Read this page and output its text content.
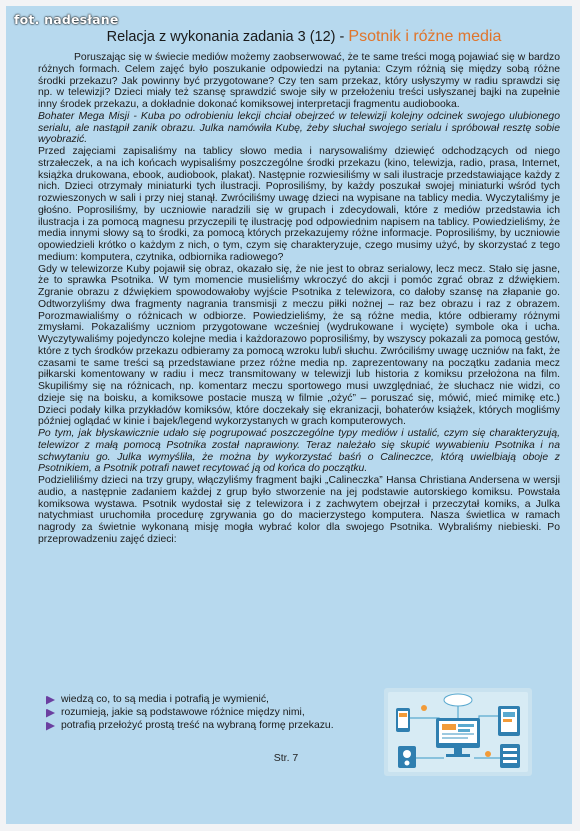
fot. nadesłane
Relacja z wykonania zadania 3 (12) - Psotnik i różne media

Poruszając się w świecie mediów możemy zaobserwować, że te same treści mogą pojawiać się w bardzo różnych formach. Celem zajęć było poszukanie odpowiedzi na pytania: Czym różnią się między sobą różne środki przekazu? Jak powinny być przygotowane? Czy ten sam przekaz, który usłyszymy w radiu sprawdzi się np. w telewizji? Dzieci miały też szansę sprawdzić swoje siły w przełożeniu treści usłyszanej bajki na zupełnie inny środek przekazu, a dokładnie dokonać komiksowej interpretacji fragmentu audiobooka.

Bohater Mega Misji - Kuba po odrobieniu lekcji chciał obejrzeć w telewizji kolejny odcinek swojego ulubionego serialu, ale nastąpił zanik obrazu. Julka namówiła Kubę, żeby słuchał swojego serialu i spróbował resztę sobie wyobrazić.

Przed zajęciami zapisaliśmy na tablicy słowo media i narysowaliśmy dziewięć odchodzących od niego strzałeczek, a na ich końcach wypisaliśmy poszczególne środki przekazu (kino, telewizja, radio, prasa, Internet, książka drukowana, ebook, audiobook, plakat). Następnie rozwiesiliśmy w sali ilustracje przedstawiające każdy z nich. Dzieci otrzymały miniaturki tych ilustracji. Poprosiliśmy, by każdy poszukał swojej miniaturki wśród tych rozwieszonych w sali i przy niej stanął. Zwróciliśmy uwagę dzieci na wypisane na tablicy media. Wyczytaliśmy je głośno. Poprosiliśmy, by uczniowie naradzili się w grupach i zdecydowali, które z mediów przedstawia ich ilustracja i za pomocą magnesu przyczepili tę ilustrację pod odpowiednim napisem na tablicy. Powiedzieliśmy, że media innymi słowy są to środki, za pomocą których przekazujemy różne informacje. Poprosiliśmy, by uczniowie opowiedzieli krótko o każdym z nich, o tym, czym się charakteryzuje, czego musimy użyć, by skorzystać z tego medium: komputera, czytnika, odbiornika radiowego?

Gdy w telewizorze Kuby pojawił się obraz, okazało się, że nie jest to obraz serialowy, lecz mecz. Stało się jasne, że to sprawka Psotnika. W tym momencie musieliśmy wkroczyć do akcji i pomóc zgrać obraz z dźwiękiem. Zgranie obrazu z dźwiękiem spowodowałoby wyjście Psotnika z telewizora, co dałoby szansę na złapanie go. Odtworzyliśmy dwa fragmenty nagrania transmisji z meczu piłki nożnej – raz bez obrazu i raz z obrazem. Porozmawialiśmy o różnicach w odbiorze. Powiedzieliśmy, że są różne media, które odbieramy różnymi zmysłami. Pokazaliśmy uczniom przygotowane wcześniej (wydrukowane i wycięte) symbole oka i ucha. Wyczytywaliśmy pojedynczo kolejne media i każdorazowo poprosiliśmy, by wszyscy pokazali za pomocą gestów, które z tych środków przekazu odbieramy za pomocą wzroku lub/i słuchu. Zwróciliśmy uwagę uczniów na fakt, że czasami te same treści są przedstawiane przez różne media np. zaprezentowany na początku zadania mecz piłkarski komentowany w radiu i mecz transmitowany w telewizji lub historia z komiksu przełożona na film. Skupiliśmy się na różnicach, np. komentarz meczu sportowego musi uwzględniać, że słuchacz nie widzi, co dzieje się na boisku, a komiksowe postacie muszą w filmie „ożyć” – poruszać się, mówić, mieć mimikę etc.) Dzieci podały kilka przykładów komiksów, które doczekały się ekranizacji, bohaterów książek, których mogliśmy później oglądać w kinie i bajek/legend wykorzystanych w grach komputerowych.

Po tym, jak błyskawicznie udało się pogrupować poszczególne typy mediów i ustalić, czym się charakteryzują, telewizor z małą pomocą Psotnika został naprawiony. Teraz należało się skupić wywabieniu Psotnika i na schwytaniu go. Julka wymyśliła, że można by wykorzystać baśń o Calineczce, którą uwielbiają oboje z Psotnikiem, a Psotnik potrafi nawet recytować ją od końca do początku.

Podzieliliśmy dzieci na trzy grupy, włączyliśmy fragment bajki „Calineczka” Hansa Christiana Andersena w wersji audio, a następnie zadaniem każdej z grup było stworzenie na jej podstawie autorskiego komiksu. Powstała komiksowa wystawa. Psotnik wydostał się z telewizora i z zachwytem obejrzał i przeczytał komiks, a Julka natychmiast uruchomiła procedurę zgrywania go do macierzystego komputera. Nasza świetlica w ramach nagrody za świetnie wykonaną misję mogła wybrać kolor dla swojego Psotnika. Wybraliśmy niebieski. Po przeprowadzeniu zajęć dzieci:

wiedzą co, to są media i potrafią je wymienić,
rozumieją, jakie są podstawowe różnice między nimi,
potrafią przełożyć prostą treść na wybraną formę przekazu.
Str. 7
